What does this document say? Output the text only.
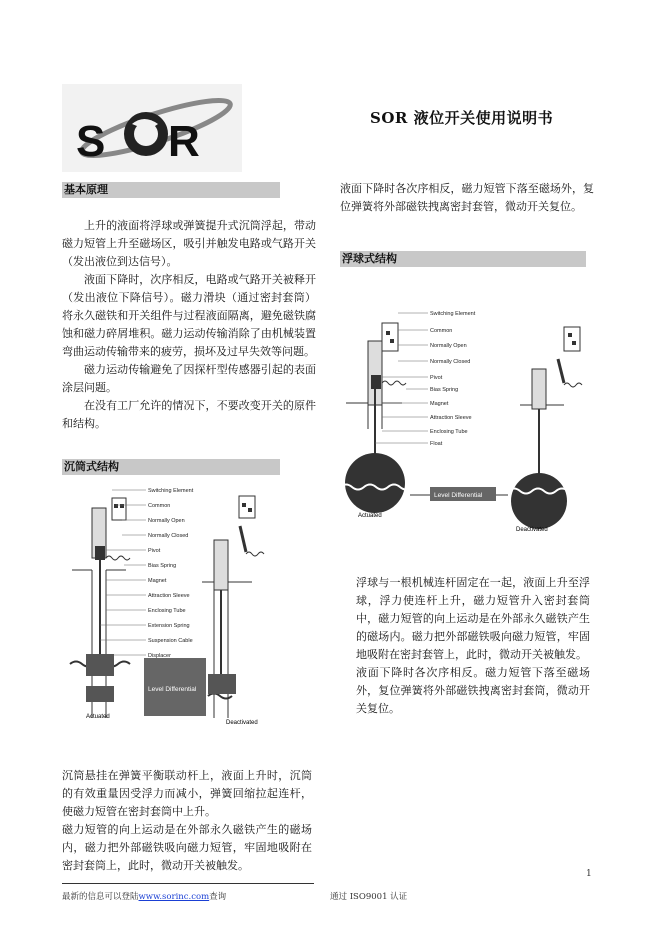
S R	SOR 液位开关使用说明书
基本原理

上升的液面将浮球或弹簧提升式沉筒浮起，带动磁力短管上升至磁场区，吸引并触发电路或气路开关（发出液位到达信号）。

液面下降时，次序相反，电路或气路开关被释开（发出液位下降信号）。磁力滑块（通过密封套筒）将永久磁铁和开关组件与过程液面隔离，避免磁铁腐蚀和磁力碎屑堆积。磁力运动传输消除了由机械装置弯曲运动传输带来的疲劳，损坏及过早失效等问题。

磁力运动传输避免了因探杆型传感器引起的表面涂层问题。

在没有工厂允许的情况下，不要改变开关的原件和结构。

沉筒式结构
Actuated
Level Differential
Deactivated
Switching Element
Common
Normally Open
Normally Closed
Pivot
Bias Spring
Magnet
Attraction Sleeve
Enclosing Tube
Extension Spring
Suspension Cable
Displacer

沉筒悬挂在弹簧平衡联动杆上，液面上升时，沉筒的有效重量因受浮力而减小，弹簧回缩拉起连杆，使磁力短管在密封套筒中上升。

磁力短管的向上运动是在外部永久磁铁产生的磁场内，磁力把外部磁铁吸向磁力短管，牢固地吸附在密封套筒上，此时，微动开关被触发。

液面下降时各次序相反，磁力短管下落至磁场外，复位弹簧将外部磁铁拽离密封套管，微动开关复位。

浮球式结构
Actuated
Level Differential
Deactivated
Switching Element
Common
Normally Open
Normally Closed
Pivot
Bias Spring
Magnet
Attraction Sleeve
Enclosing Tube
Float

浮球与一根机械连杆固定在一起，液面上升至浮球，浮力使连杆上升，磁力短管升入密封套筒中，磁力短管的向上运动是在外部永久磁铁产生的磁场内。磁力把外部磁铁吸向磁力短管，牢固地吸附在密封套管上，此时，微动开关被触发。

液面下降时各次序相反。磁力短管下落至磁场外，复位弹簧将外部磁铁拽离密封套筒，微动开关复位。

1
最新的信息可以登陆www.sorinc.com查询	通过 ISO9001 认证
